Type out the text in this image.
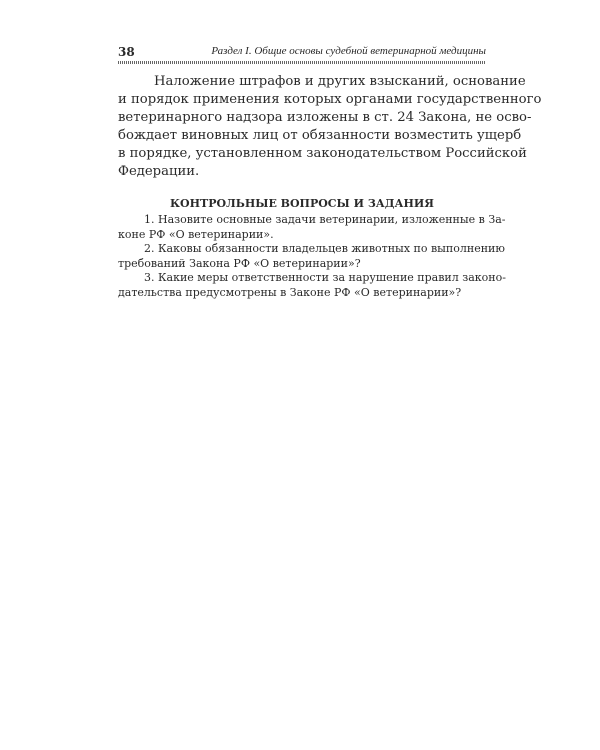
38	Раздел I. Общие основы судебной ветеринарной медицины
Наложение штрафов и других взысканий, основание
и порядок применения которых органами государственного
ветеринарного надзора изложены в ст. 24 Закона, не осво-
бождает виновных лиц от обязанности возместить ущерб
в порядке, установленном законодательством Российской
Федерации.
КОНТРОЛЬНЫЕ ВОПРОСЫ И ЗАДАНИЯ
1. Назовите основные задачи ветеринарии, изложенные в За-
коне РФ «О ветеринарии».
2. Каковы обязанности владельцев животных по выполнению
требований Закона РФ «О ветеринарии»?
3. Какие меры ответственности за нарушение правил законо-
дательства предусмотрены в Законе РФ «О ветеринарии»?
